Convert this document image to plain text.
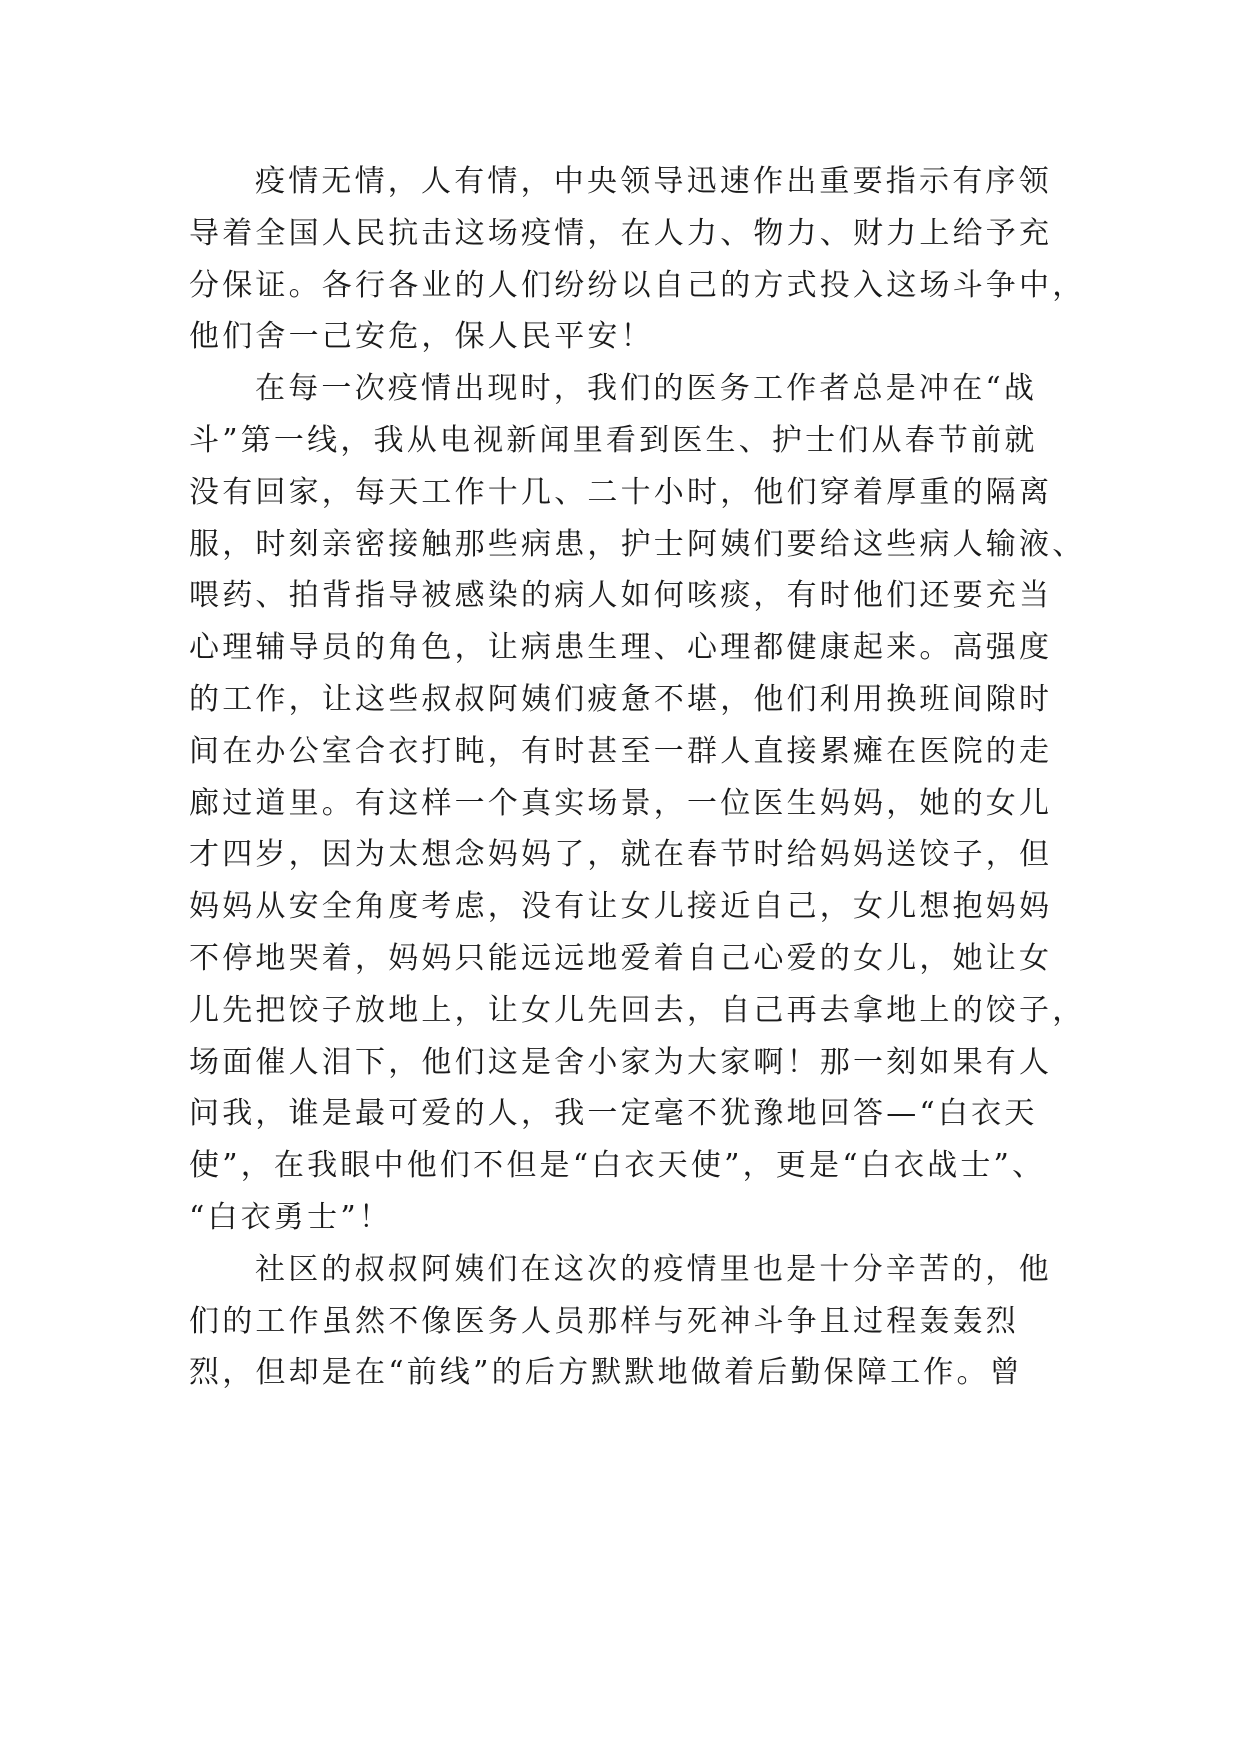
疫情无情，人有情，中央领导迅速作出重要指示有序领
导着全国人民抗击这场疫情，在人力、物力、财力上给予充
分保证。各行各业的人们纷纷以自己的方式投入这场斗争中，
他们舍一己安危，保人民平安！
在每一次疫情出现时，我们的医务工作者总是冲在“战
斗”第一线，我从电视新闻里看到医生、护士们从春节前就
没有回家，每天工作十几、二十小时，他们穿着厚重的隔离
服，时刻亲密接触那些病患，护士阿姨们要给这些病人输液、
喂药、拍背指导被感染的病人如何咳痰，有时他们还要充当
心理辅导员的角色，让病患生理、心理都健康起来。高强度
的工作，让这些叔叔阿姨们疲惫不堪，他们利用换班间隙时
间在办公室合衣打盹，有时甚至一群人直接累瘫在医院的走
廊过道里。有这样一个真实场景，一位医生妈妈，她的女儿
才四岁，因为太想念妈妈了，就在春节时给妈妈送饺子，但
妈妈从安全角度考虑，没有让女儿接近自己，女儿想抱妈妈
不停地哭着，妈妈只能远远地爱着自己心爱的女儿，她让女
儿先把饺子放地上，让女儿先回去，自己再去拿地上的饺子，
场面催人泪下，他们这是舍小家为大家啊！那一刻如果有人
问我，谁是最可爱的人，我一定毫不犹豫地回答—“白衣天
使”，在我眼中他们不但是“白衣天使”，更是“白衣战士”、
“白衣勇士”！
社区的叔叔阿姨们在这次的疫情里也是十分辛苦的，他
们的工作虽然不像医务人员那样与死神斗争且过程轰轰烈
烈，但却是在“前线”的后方默默地做着后勤保障工作。曾
